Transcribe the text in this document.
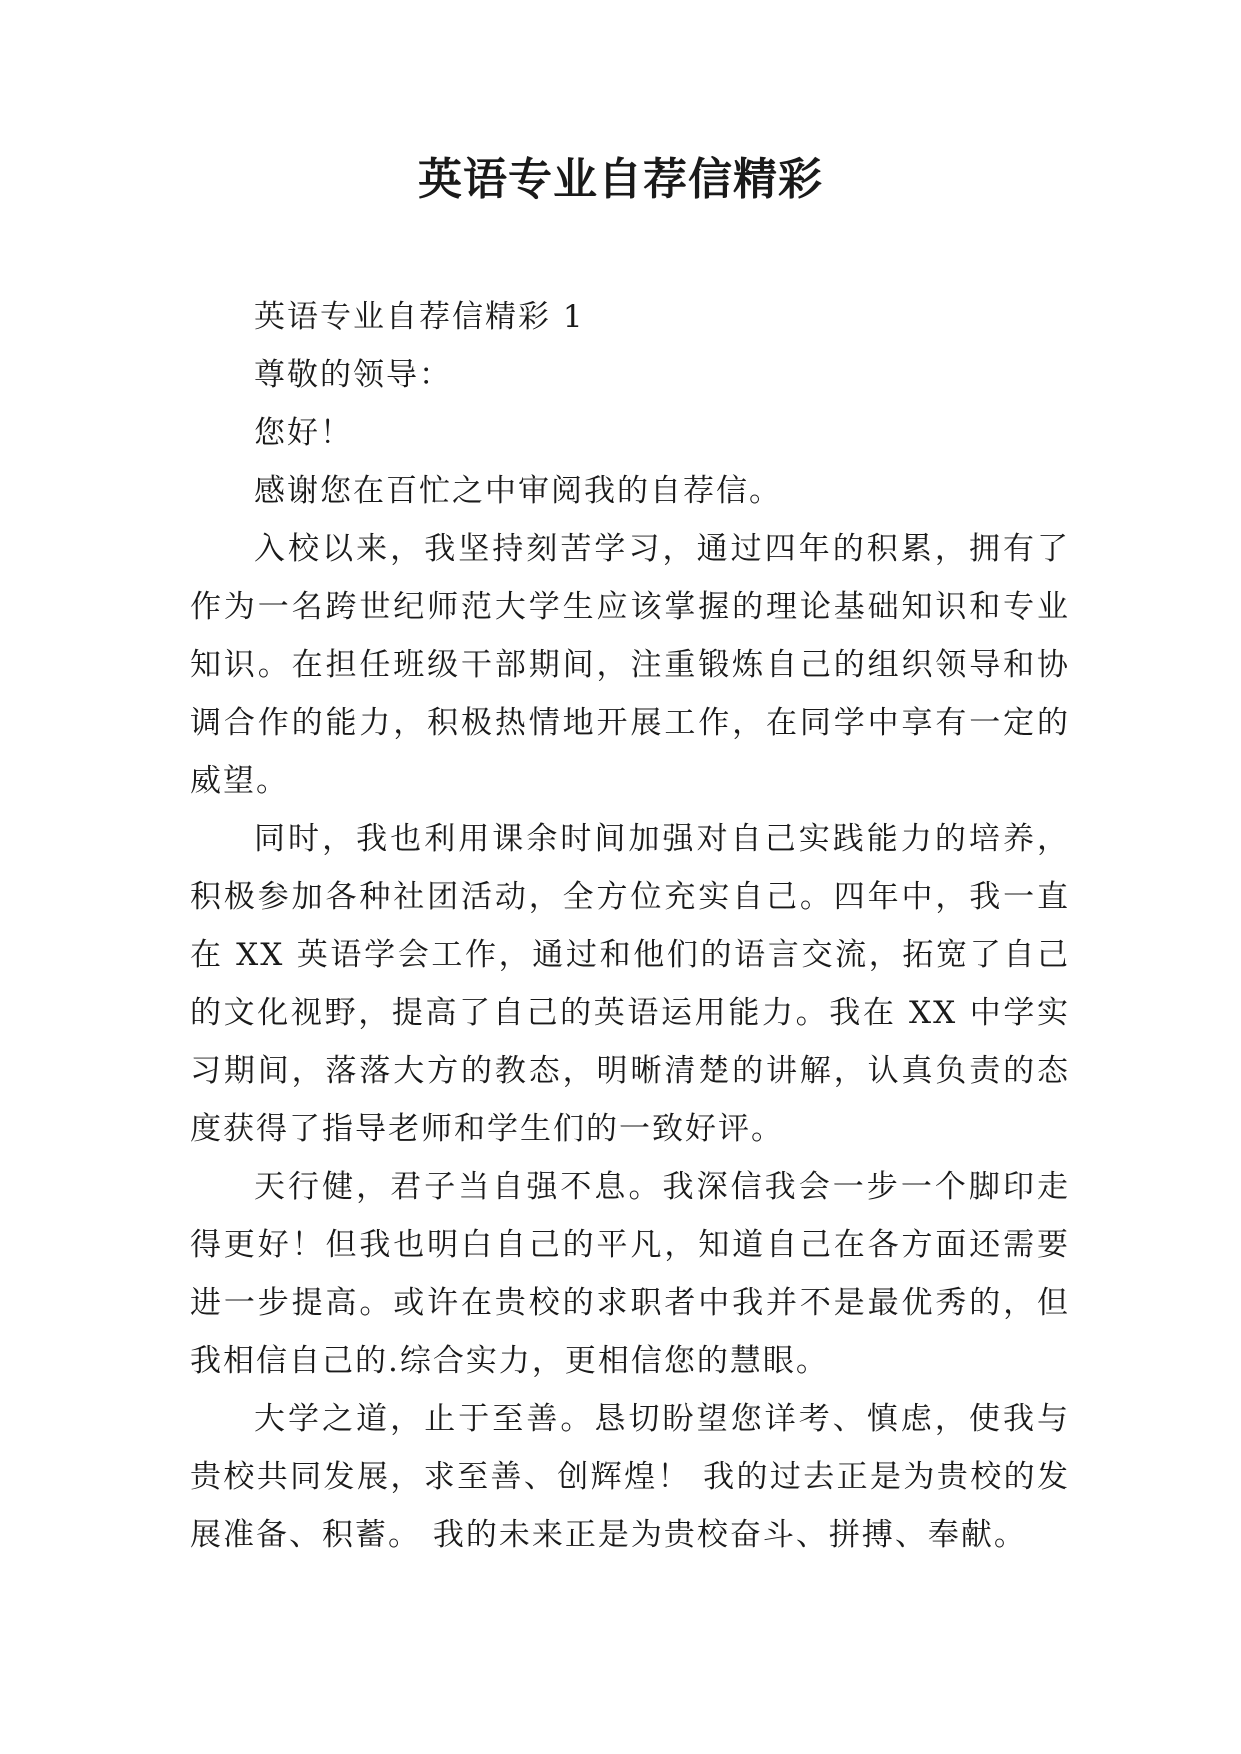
英语专业自荐信精彩

英语专业自荐信精彩 1

尊敬的领导：

您好！

感谢您在百忙之中审阅我的自荐信。

入校以来，我坚持刻苦学习，通过四年的积累，拥有了作为一名跨世纪师范大学生应该掌握的理论基础知识和专业知识。在担任班级干部期间，注重锻炼自己的组织领导和协调合作的能力，积极热情地开展工作，在同学中享有一定的威望。

同时，我也利用课余时间加强对自己实践能力的培养，积极参加各种社团活动，全方位充实自己。四年中，我一直在 XX 英语学会工作，通过和他们的语言交流，拓宽了自己的文化视野，提高了自己的英语运用能力。我在 XX 中学实习期间，落落大方的教态，明晰清楚的讲解，认真负责的态度获得了指导老师和学生们的一致好评。

天行健，君子当自强不息。我深信我会一步一个脚印走得更好！但我也明白自己的平凡，知道自己在各方面还需要进一步提高。或许在贵校的求职者中我并不是最优秀的，但我相信自己的.综合实力，更相信您的慧眼。

大学之道，止于至善。恳切盼望您详考、慎虑，使我与贵校共同发展，求至善、创辉煌！ 我的过去正是为贵校的发展准备、积蓄。 我的未来正是为贵校奋斗、拼搏、奉献。
